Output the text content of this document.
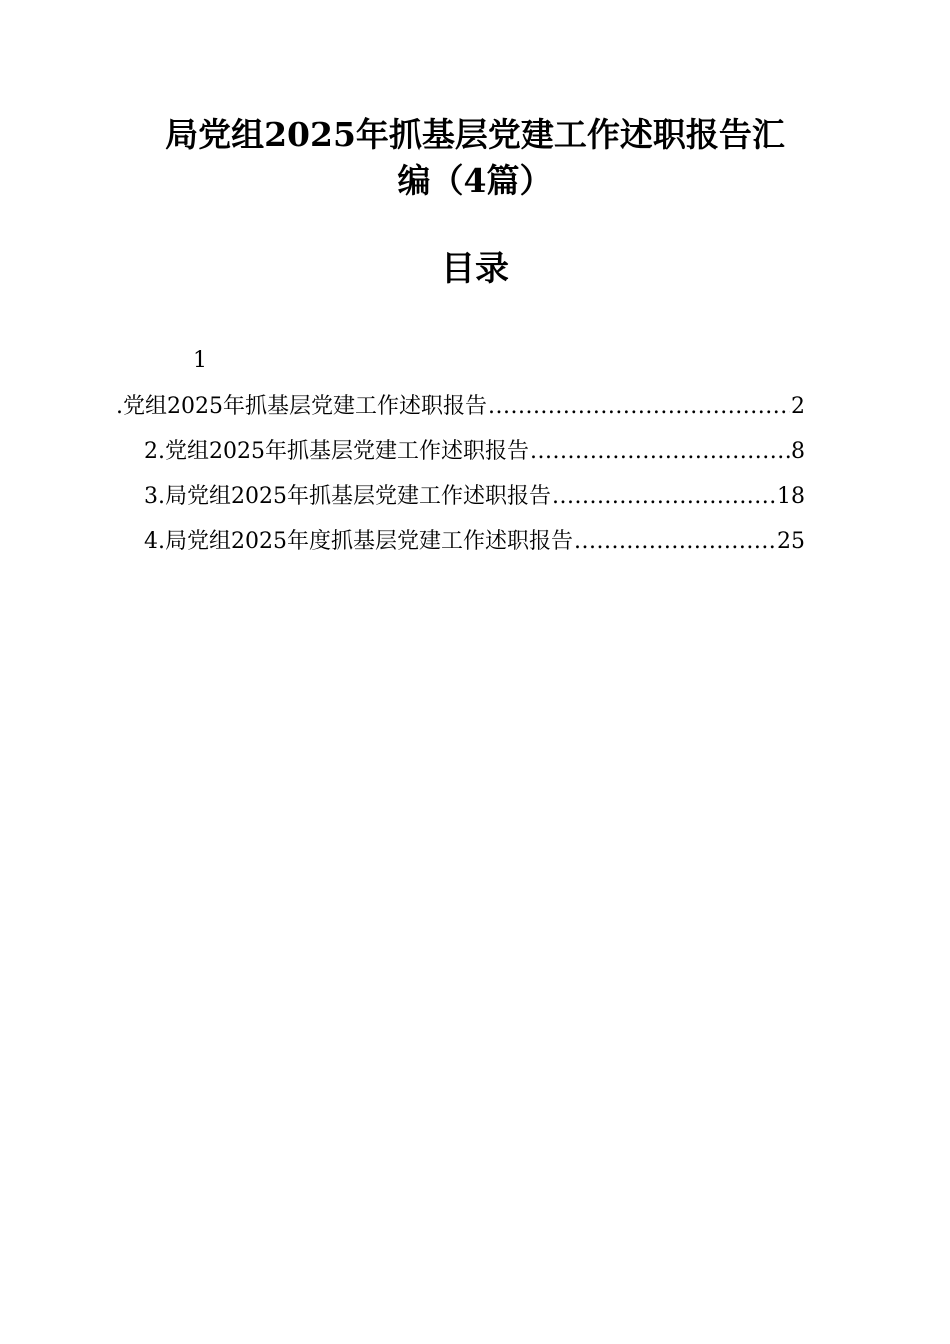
局党组2025年抓基层党建工作述职报告汇
编（4篇）
目录
1
.党组2025年抓基层党建工作述职报告 .....	2
2.党组2025年抓基层党建工作述职报告 .....	8
3.局党组2025年抓基层党建工作述职报告 .....	18
4.局党组2025年度抓基层党建工作述职报告 .....	25
